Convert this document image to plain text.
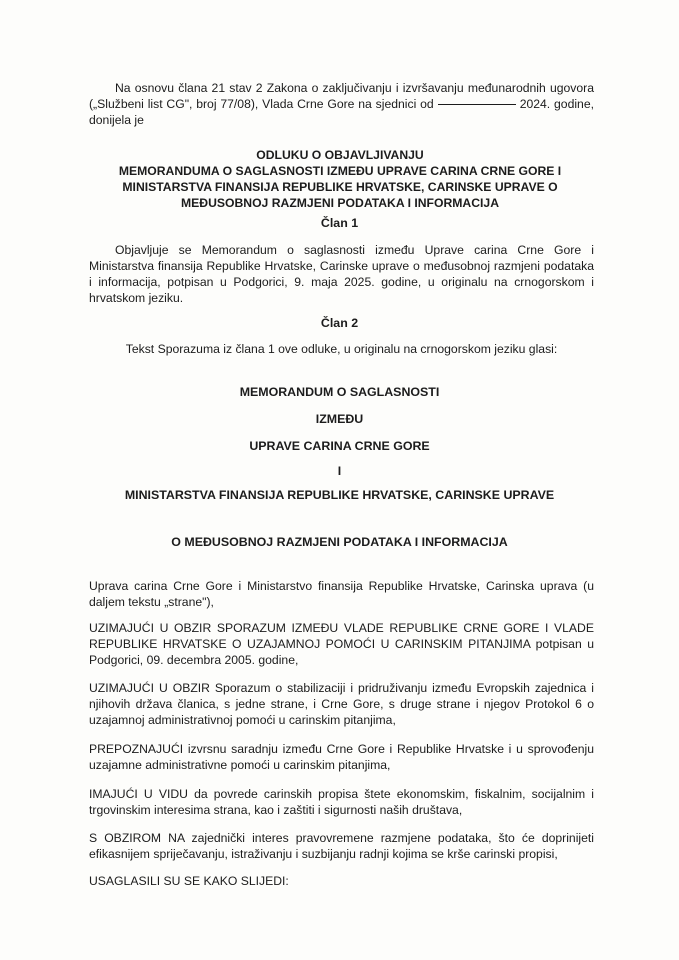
Na osnovu člana 21 stav 2 Zakona o zaključivanju i izvršavanju međunarodnih ugovora („Službeni list CG", broj 77/08), Vlada Crne Gore na sjednici od	2024. godine, donijela je

ODLUKU O OBJAVLJIVANJU

MEMORANDUMA O SAGLASNOSTI IZMEĐU UPRAVE CARINA CRNE GORE I MINISTARSTVA FINANSIJA REPUBLIKE HRVATSKE, CARINSKE UPRAVE O MEĐUSOBNOJ RAZMJENI PODATAKA I INFORMACIJA

Član 1

Objavljuje se Memorandum o saglasnosti između Uprave carina Crne Gore i Ministarstva finansija Republike Hrvatske, Carinske uprave o međusobnoj razmjeni podataka i informacija, potpisan u Podgorici, 9. maja 2025. godine, u originalu na crnogorskom i hrvatskom jeziku.

Član 2

Tekst Sporazuma iz člana 1 ove odluke, u originalu na crnogorskom jeziku glasi:

MEMORANDUM O SAGLASNOSTI

IZMEĐU

UPRAVE CARINA CRNE GORE

I

MINISTARSTVA FINANSIJA REPUBLIKE HRVATSKE, CARINSKE UPRAVE

O MEĐUSOBNOJ RAZMJENI PODATAKA I INFORMACIJA

Uprava carina Crne Gore i Ministarstvo finansija Republike Hrvatske, Carinska uprava (u daljem tekstu „strane"),

UZIMAJUĆI U OBZIR SPORAZUM IZMEĐU VLADE REPUBLIKE CRNE GORE I VLADE REPUBLIKE HRVATSKE O UZAJAMNOJ POMOĆI U CARINSKIM PITANJIMA potpisan u Podgorici, 09. decembra 2005. godine,

UZIMAJUĆI U OBZIR Sporazum o stabilizaciji i pridruživanju između Evropskih zajednica i njihovih država članica, s jedne strane, i Crne Gore, s druge strane i njegov Protokol 6 o uzajamnoj administrativnoj pomoći u carinskim pitanjima,

PREPOZNAJUĆI izvrsnu saradnju između Crne Gore i Republike Hrvatske i u sprovođenju uzajamne administrativne pomoći u carinskim pitanjima,

IMAJUĆI U VIDU da povrede carinskih propisa štete ekonomskim, fiskalnim, socijalnim i trgovinskim interesima strana, kao i zaštiti i sigurnosti naših društava,

S OBZIROM NA zajednički interes pravovremene razmjene podataka, što će doprinijeti efikasnijem spriječavanju, istraživanju i suzbijanju radnji kojima se krše carinski propisi,

USAGLASILI SU SE KAKO SLIJEDI:
